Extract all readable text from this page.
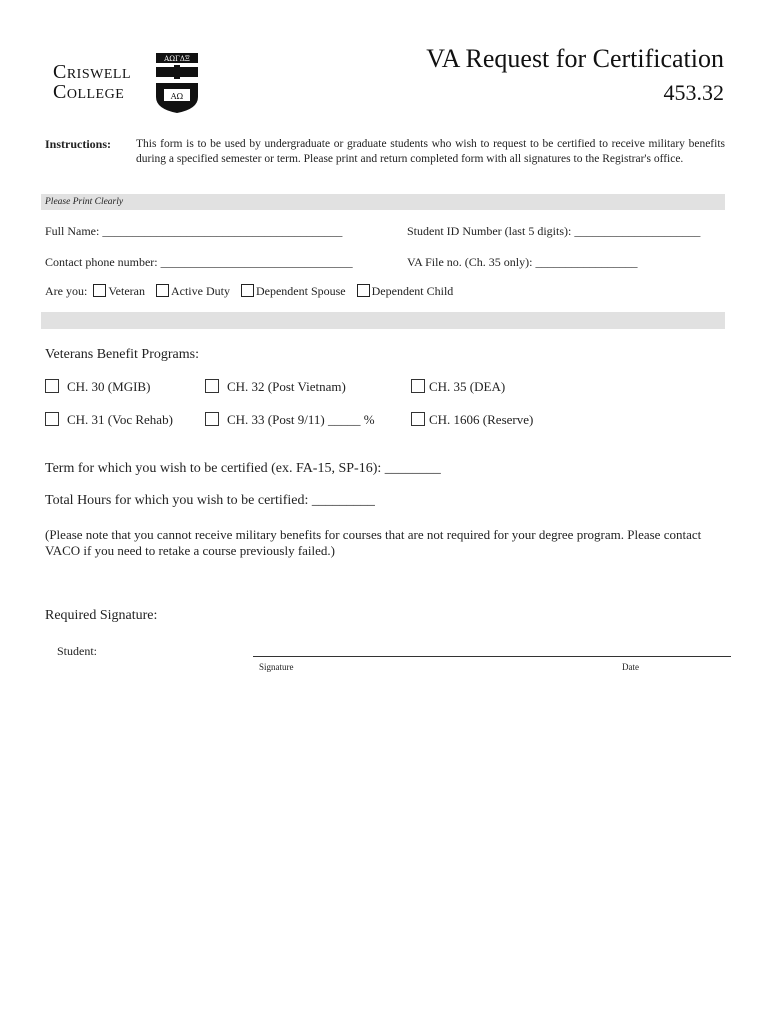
Criswell
College
ΑΩΓΔΞ
ΑΩ
VA Request for Certification
453.32
Instructions: This form is to be used by undergraduate or graduate students who wish to request to be certified to receive military benefits during a specified semester or term. Please print and return completed form with all signatures to the Registrar's office.
Please Print Clearly
Full Name: ________________________________________	Student ID Number (last 5 digits): _____________________
Contact phone number: ________________________________	VA File no. (Ch. 35 only): _________________
Are you: Veteran Active Duty Dependent Spouse Dependent Child
Veterans Benefit Programs:
CH. 30 (MGIB)	CH. 32 (Post Vietnam)	CH. 35 (DEA)
CH. 31 (Voc Rehab)	CH. 33 (Post 9/11) _____ %	CH. 1606 (Reserve)
Term for which you wish to be certified (ex. FA-15, SP-16): ________
Total Hours for which you wish to be certified: _________
(Please note that you cannot receive military benefits for courses that are not required for your degree program. Please contact VACO if you need to retake a course previously failed.)
Required Signature:
Student:
Signature	Date
